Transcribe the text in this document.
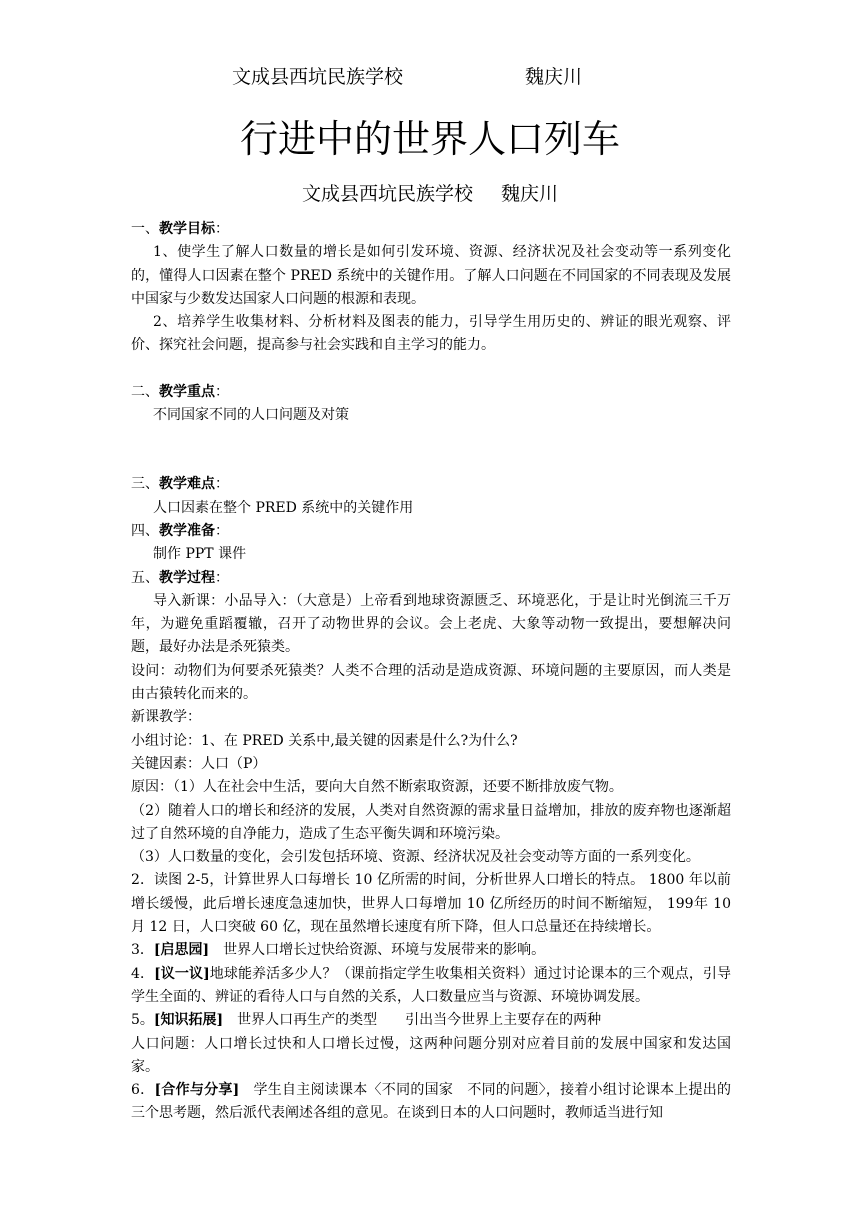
文成县西坑民族学校	魏庆川
行进中的世界人口列车
文成县西坑民族学校 魏庆川

一、教学目标：

1、使学生了解人口数量的增长是如何引发环境、资源、经济状况及社会变动等一系列变化的，懂得人口因素在整个 PRED 系统中的关键作用。了解人口问题在不同国家的不同表现及发展中国家与少数发达国家人口问题的根源和表现。

2、培养学生收集材料、分析材料及图表的能力，引导学生用历史的、辨证的眼光观察、评价、探究社会问题，提高参与社会实践和自主学习的能力。

二、教学重点：

不同国家不同的人口问题及对策

三、教学难点：

人口因素在整个 PRED 系统中的关键作用

四、教学准备：

制作 PPT 课件

五、教学过程：

导入新课：小品导入：（大意是）上帝看到地球资源匮乏、环境恶化，于是让时光倒流三千万年，为避免重蹈覆辙，召开了动物世界的会议。会上老虎、大象等动物一致提出，要想解决问题，最好办法是杀死猿类。

设问：动物们为何要杀死猿类？人类不合理的活动是造成资源、环境问题的主要原因，而人类是由古猿转化而来的。

新课教学：

小组讨论：1、在 PRED 关系中,最关键的因素是什么?为什么?

关键因素：人口（P）

原因：（1）人在社会中生活，要向大自然不断索取资源，还要不断排放废气物。

（2）随着人口的增长和经济的发展，人类对自然资源的需求量日益增加，排放的废弃物也逐渐超过了自然环境的自净能力，造成了生态平衡失调和环境污染。

（3）人口数量的变化，会引发包括环境、资源、经济状况及社会变动等方面的一系列变化。

2．读图 2-5，计算世界人口每增长 10 亿所需的时间，分析世界人口增长的特点。 1800 年以前增长缓慢，此后增长速度急速加快，世界人口每增加 10 亿所经历的时间不断缩短， 199年 10 月 12 日，人口突破 60 亿，现在虽然增长速度有所下降，但人口总量还在持续增长。

3．[启思园] 世界人口增长过快给资源、环境与发展带来的影响。

4．[议一议]地球能养活多少人？（课前指定学生收集相关资料）通过讨论课本的三个观点，引导学生全面的、辨证的看待人口与自然的关系，人口数量应当与资源、环境协调发展。

5。[知识拓展] 世界人口再生产的类型 引出当今世界上主要存在的两种

人口问题：人口增长过快和人口增长过慢，这两种问题分别对应着目前的发展中国家和发达国家。

6．[合作与分享] 学生自主阅读课本〈不同的国家　不同的问题〉，接着小组讨论课本上提出的三个思考题，然后派代表阐述各组的意见。在谈到日本的人口问题时，教师适当进行知
